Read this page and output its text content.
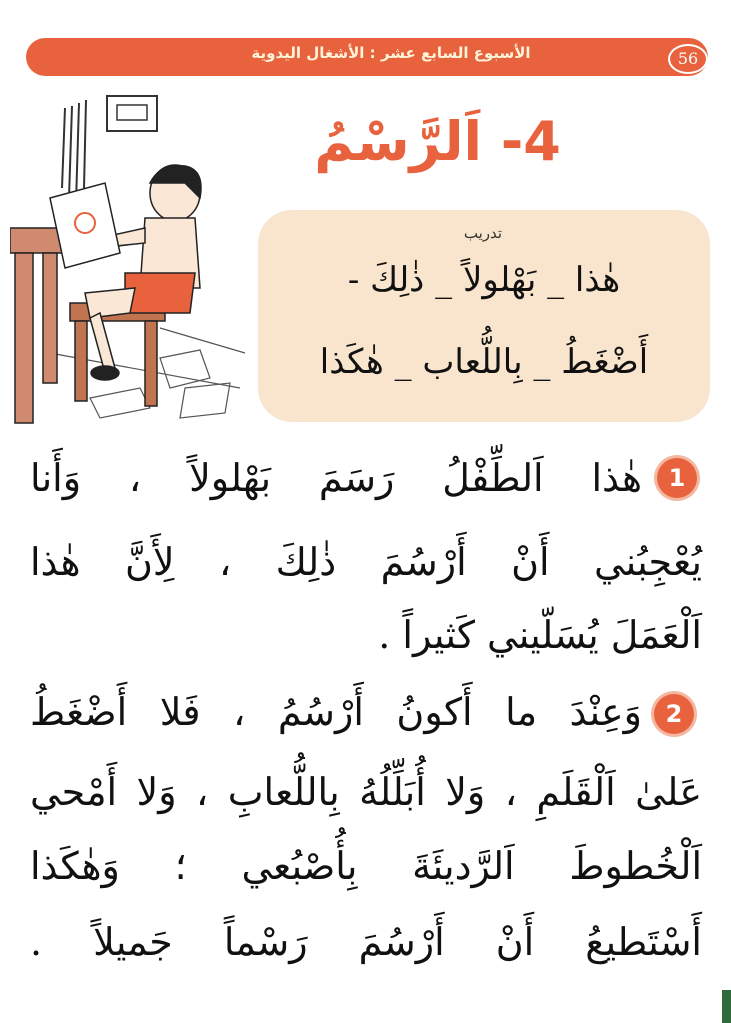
الأسبوع السابع عشر : الأشغال اليدوية	56
4- اَلرَّسْمُ
تدريب
هٰذا _ بَهْلولاً _ ذٰلِكَ -
أَضْغَطُ _ بِاللُّعاب _ هٰكَذا
1
هٰذا اَلطِّفْلُ رَسَمَ بَهْلولاً ، وَأَنا
يُعْجِبُني أَنْ أَرْسُمَ ذٰلِكَ ، لِأَنَّ هٰذا
اَلْعَمَلَ يُسَلّيني كَثيراً .
2
وَعِنْدَ ما أَكونُ أَرْسُمُ ، فَلا أَضْغَطُ
عَلىٰ اَلْقَلَمِ ، وَلا أُبَلِّلُهُ بِاللُّعابِ ، وَلا أَمْحي
اَلْخُطوطَ اَلرَّديئَةَ بِأُصْبُعي ؛ وَهٰكَذا
أَسْتَطيعُ أَنْ أَرْسُمَ رَسْماً جَميلاً .
